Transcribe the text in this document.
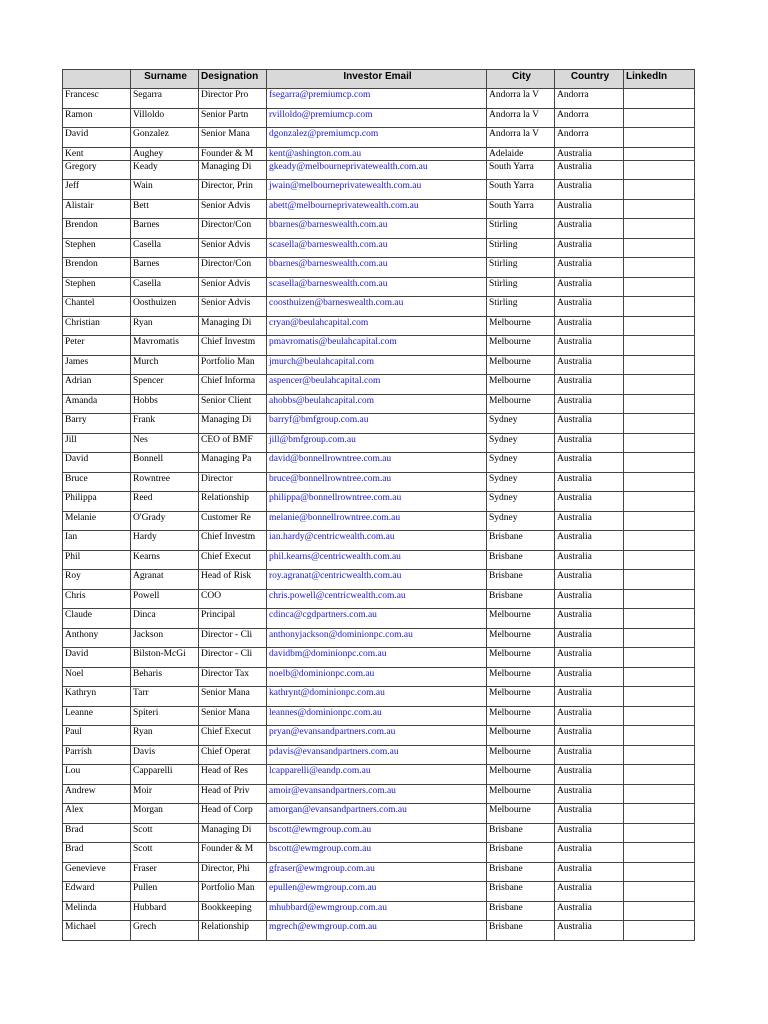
	Surname	Designation	Investor Email	City	Country	LinkedIn
Francesc	Segarra	Director Pro	fsegarra@premiumcp.com	Andorra la V	Andorra	
Ramon	Villoldo	Senior Partn	rvilloldo@premiumcp.com	Andorra la V	Andorra	
David	Gonzalez	Senior Mana	dgonzalez@premiumcp.com	Andorra la V	Andorra	
Kent	Aughey	Founder & M	kent@ashington.com.au	Adelaide	Australia	
Gregory	Keady	Managing Di	gkeady@melbourneprivatewealth.com.au	South Yarra	Australia	
Jeff	Wain	Director, Prin	jwain@melbourneprivatewealth.com.au	South Yarra	Australia	
Alistair	Bett	Senior Advis	abett@melbourneprivatewealth.com.au	South Yarra	Australia	
Brendon	Barnes	Director/Con	bbarnes@barneswealth.com.au	Stirling	Australia	
Stephen	Casella	Senior Advis	scasella@barneswealth.com.au	Stirling	Australia	
Brendon	Barnes	Director/Con	bbarnes@barneswealth.com.au	Stirling	Australia	
Stephen	Casella	Senior Advis	scasella@barneswealth.com.au	Stirling	Australia	
Chantel	Oosthuizen	Senior Advis	coosthuizen@barneswealth.com.au	Stirling	Australia	
Christian	Ryan	Managing Di	cryan@beulahcapital.com	Melbourne	Australia	
Peter	Mavromatis	Chief Investm	pmavromatis@beulahcapital.com	Melbourne	Australia	
James	Murch	Portfolio Man	jmurch@beulahcapital.com	Melbourne	Australia	
Adrian	Spencer	Chief Informa	aspencer@beulahcapital.com	Melbourne	Australia	
Amanda	Hobbs	Senior Client	ahobbs@beulahcapital.com	Melbourne	Australia	
Barry	Frank	Managing Di	barryf@bmfgroup.com.au	Sydney	Australia	
Jill	Nes	CEO of BMF	jill@bmfgroup.com.au	Sydney	Australia	
David	Bonnell	Managing Pa	david@bonnellrowntree.com.au	Sydney	Australia	
Bruce	Rowntree	Director	bruce@bonnellrowntree.com.au	Sydney	Australia	
Philippa	Reed	Relationship	philippa@bonnellrowntree.com.au	Sydney	Australia	
Melanie	O'Grady	Customer Re	melanie@bonnellrowntree.com.au	Sydney	Australia	
Ian	Hardy	Chief Investm	ian.hardy@centricwealth.com.au	Brisbane	Australia	
Phil	Kearns	Chief Execut	phil.kearns@centricwealth.com.au	Brisbane	Australia	
Roy	Agranat	Head of Risk	roy.agranat@centricwealth.com.au	Brisbane	Australia	
Chris	Powell	COO	chris.powell@centricwealth.com.au	Brisbane	Australia	
Claude	Dinca	Principal	cdinca@cgdpartners.com.au	Melbourne	Australia	
Anthony	Jackson	Director - Cli	anthonyjackson@dominionpc.com.au	Melbourne	Australia	
David	Bilston-McGi	Director - Cli	davidbm@dominionpc.com.au	Melbourne	Australia	
Noel	Beharis	Director Tax	noelb@dominionpc.com.au	Melbourne	Australia	
Kathryn	Tarr	Senior Mana	kathrynt@dominionpc.com.au	Melbourne	Australia	
Leanne	Spiteri	Senior Mana	leannes@dominionpc.com.au	Melbourne	Australia	
Paul	Ryan	Chief Execut	pryan@evansandpartners.com.au	Melbourne	Australia	
Parrish	Davis	Chief Operat	pdavis@evansandpartners.com.au	Melbourne	Australia	
Lou	Capparelli	Head of Res	lcapparelli@eandp.com.au	Melbourne	Australia	
Andrew	Moir	Head of Priv	amoir@evansandpartners.com.au	Melbourne	Australia	
Alex	Morgan	Head of Corp	amorgan@evansandpartners.com.au	Melbourne	Australia	
Brad	Scott	Managing Di	bscott@ewmgroup.com.au	Brisbane	Australia	
Brad	Scott	Founder & M	bscott@ewmgroup.com.au	Brisbane	Australia	
Genevieve	Fraser	Director, Phi	gfraser@ewmgroup.com.au	Brisbane	Australia	
Edward	Pullen	Portfolio Man	epullen@ewmgroup.com.au	Brisbane	Australia	
Melinda	Hubbard	Bookkeeping	mhubbard@ewmgroup.com.au	Brisbane	Australia	
Michael	Grech	Relationship	mgrech@ewmgroup.com.au	Brisbane	Australia	
